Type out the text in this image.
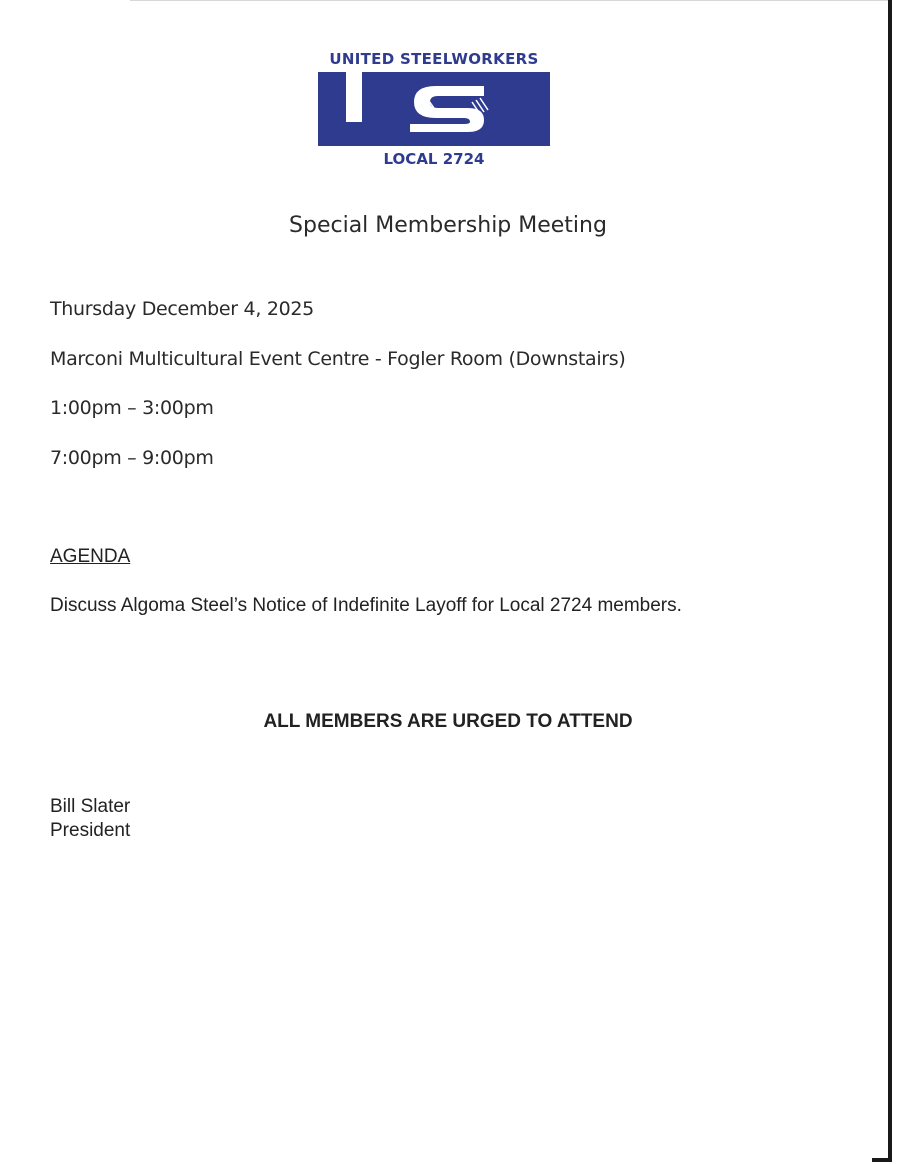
UNITED STEELWORKERS
LOCAL 2724
Special Membership Meeting
Thursday December 4, 2025
Marconi Multicultural Event Centre - Fogler Room (Downstairs)
1:00pm – 3:00pm
7:00pm – 9:00pm
AGENDA
Discuss Algoma Steel’s Notice of Indefinite Layoff for Local 2724 members.
ALL MEMBERS ARE URGED TO ATTEND
Bill Slater
President
